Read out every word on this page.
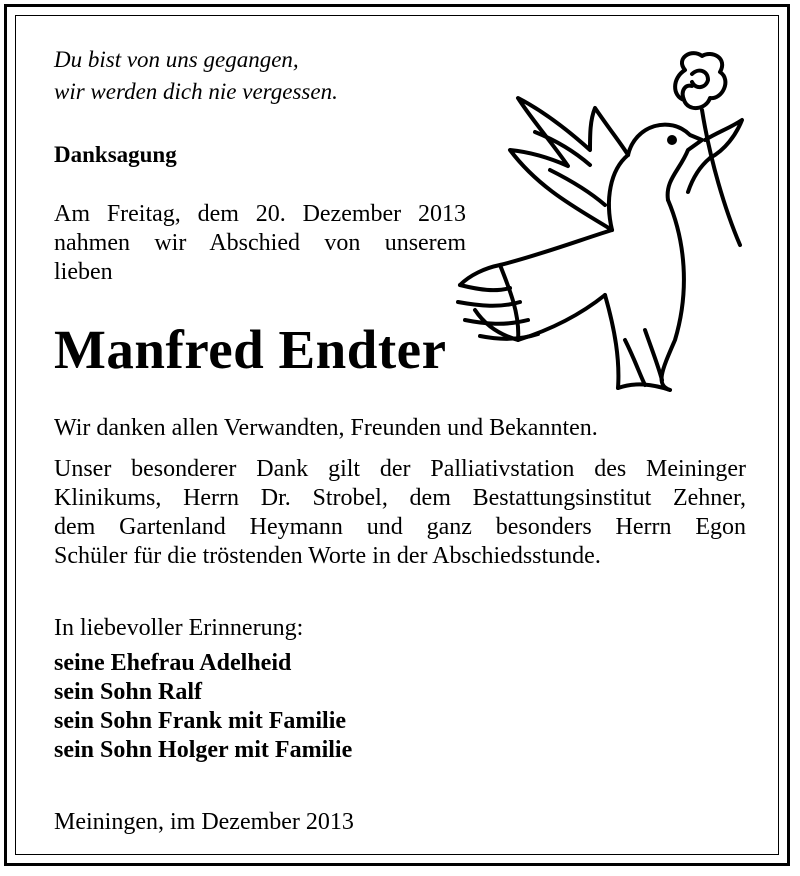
Du bist von uns gegangen,
wir werden dich nie vergessen.
Danksagung
Am Freitag, dem 20. Dezember 2013
nahmen wir Abschied von unserem
lieben
Manfred Endter
Wir danken allen Verwandten, Freunden und Bekannten.
Unser besonderer Dank gilt der Palliativstation des Meininger
Klinikums, Herrn Dr. Strobel, dem Bestattungsinstitut Zehner,
dem Gartenland Heymann und ganz besonders Herrn Egon
Schüler für die tröstenden Worte in der Abschiedsstunde.
In liebevoller Erinnerung:
seine Ehefrau Adelheid
sein Sohn Ralf
sein Sohn Frank mit Familie
sein Sohn Holger mit Familie
Meiningen, im Dezember 2013
